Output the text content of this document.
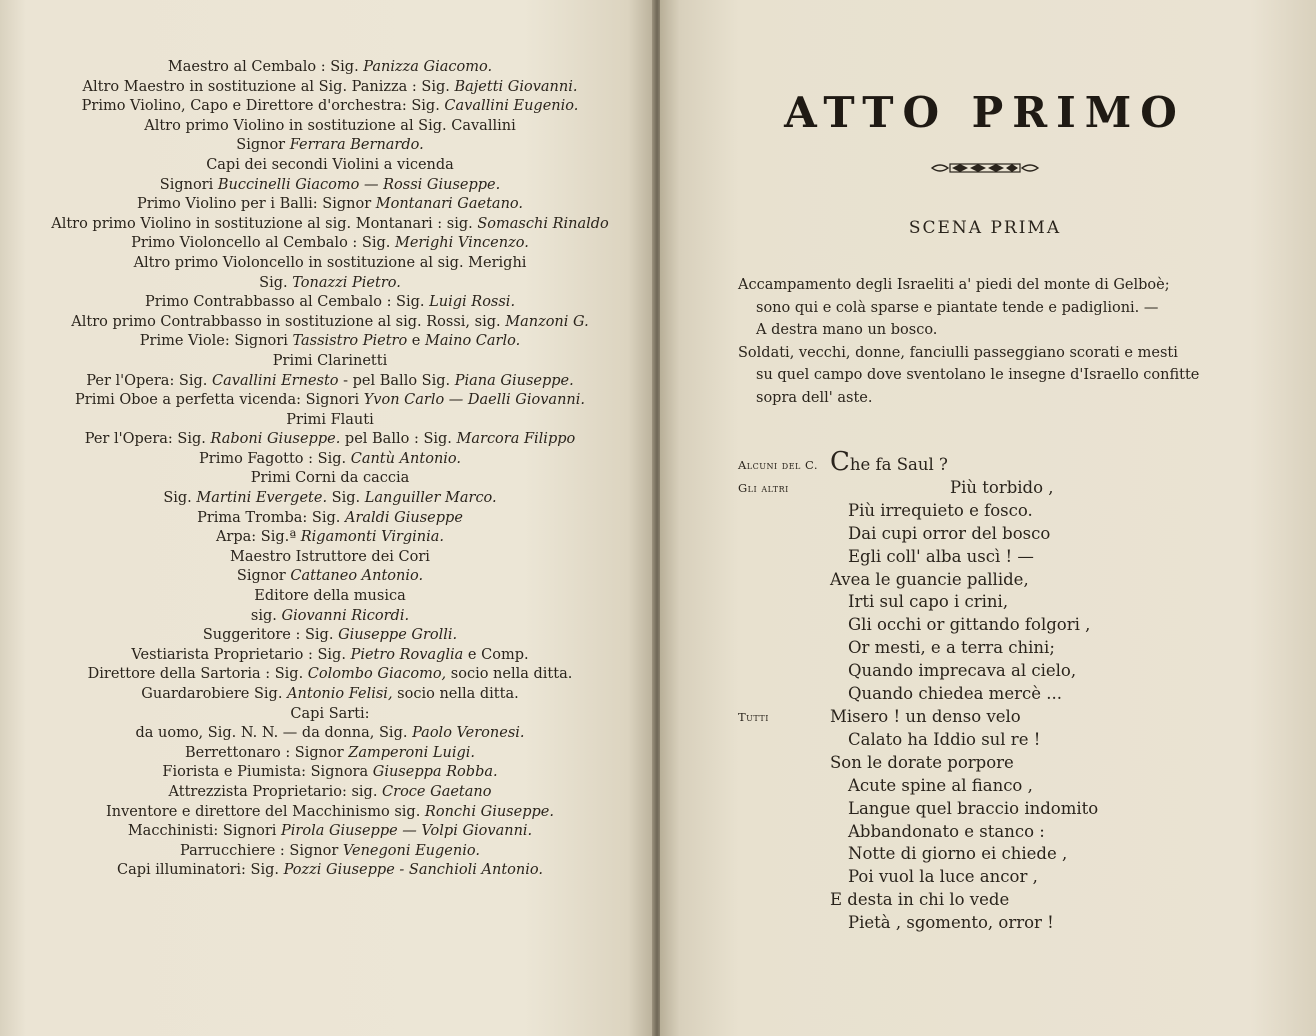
Maestro al Cembalo : Sig. Panizza Giacomo.
Altro Maestro in sostituzione al Sig. Panizza : Sig. Bajetti Giovanni.
Primo Violino, Capo e Direttore d'orchestra: Sig. Cavallini Eugenio.
Altro primo Violino in sostituzione al Sig. Cavallini
Signor Ferrara Bernardo.
Capi dei secondi Violini a vicenda
Signori Buccinelli Giacomo — Rossi Giuseppe.
Primo Violino per i Balli: Signor Montanari Gaetano.
Altro primo Violino in sostituzione al sig. Montanari : sig. Somaschi Rinaldo
Primo Violoncello al Cembalo : Sig. Merighi Vincenzo.
Altro primo Violoncello in sostituzione al sig. Merighi
Sig. Tonazzi Pietro.
Primo Contrabbasso al Cembalo : Sig. Luigi Rossi.
Altro primo Contrabbasso in sostituzione al sig. Rossi, sig. Manzoni G.
Prime Viole: Signori Tassistro Pietro e Maino Carlo.
Primi Clarinetti
Per l'Opera: Sig. Cavallini Ernesto - pel Ballo Sig. Piana Giuseppe.
Primi Oboe a perfetta vicenda: Signori Yvon Carlo — Daelli Giovanni.
Primi Flauti
Per l'Opera: Sig. Raboni Giuseppe. pel Ballo : Sig. Marcora Filippo
Primo Fagotto : Sig. Cantù Antonio.
Primi Corni da caccia
Sig. Martini Evergete. Sig. Languiller Marco.
Prima Tromba: Sig. Araldi Giuseppe
Arpa: Sig.ª Rigamonti Virginia.
Maestro Istruttore dei Cori
Signor Cattaneo Antonio.
Editore della musica
sig. Giovanni Ricordi.
Suggeritore : Sig. Giuseppe Grolli.
Vestiarista Proprietario : Sig. Pietro Rovaglia e Comp.
Direttore della Sartoria : Sig. Colombo Giacomo, socio nella ditta.
Guardarobiere Sig. Antonio Felisi, socio nella ditta.
Capi Sarti:
da uomo, Sig. N. N. — da donna, Sig. Paolo Veronesi.
Berrettonaro : Signor Zamperoni Luigi.
Fiorista e Piumista: Signora Giuseppa Robba.
Attrezzista Proprietario: sig. Croce Gaetano
Inventore e direttore del Macchinismo sig. Ronchi Giuseppe.
Macchinisti: Signori Pirola Giuseppe — Volpi Giovanni.
Parrucchiere : Signor Venegoni Eugenio.
Capi illuminatori: Sig. Pozzi Giuseppe - Sanchioli Antonio.
ATTO PRIMO
SCENA PRIMA
Accampamento degli Israeliti a' piedi del monte di Gelboè;
sono qui e colà sparse e piantate tende e padiglioni. —
A destra mano un bosco.
Soldati, vecchi, donne, fanciulli passeggiano scorati e mesti
su quel campo dove sventolano le insegne d'Israello confitte
sopra dell' aste.
Alcuni del C. Che fa Saul ?
Gli altri	Più torbido ,
Più irrequieto e fosco.
Dai cupi orror del bosco
Egli coll' alba uscì ! —
Avea le guancie pallide,
Irti sul capo i crini,
Gli occhi or gittando folgori ,
Or mesti, e a terra chini;
Quando imprecava al cielo,
Quando chiedea mercè ...
Tutti	Misero ! un denso velo
Calato ha Iddio sul re !
Son le dorate porpore
Acute spine al fianco ,
Langue quel braccio indomito
Abbandonato e stanco :
Notte di giorno ei chiede ,
Poi vuol la luce ancor ,
E desta in chi lo vede
Pietà , sgomento, orror !
